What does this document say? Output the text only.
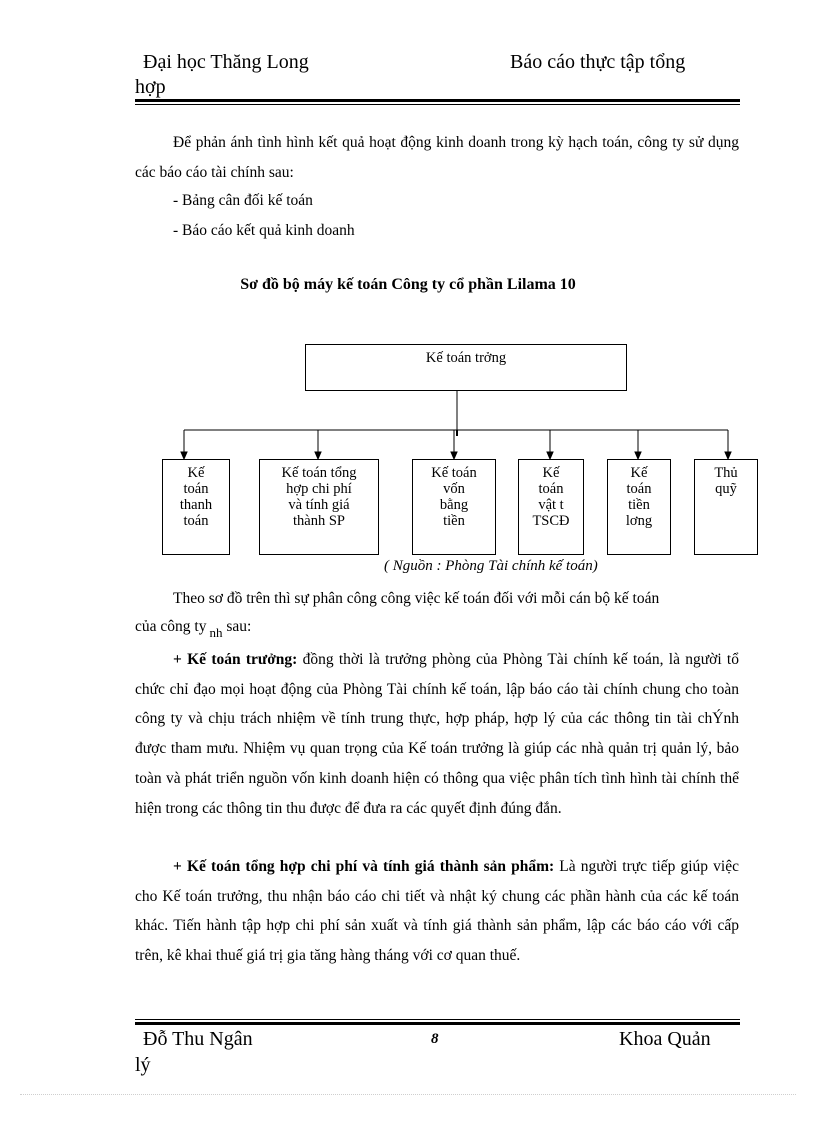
Đại học Thăng Long	Báo cáo thực tập tổng
hợp
Để phản ánh tình hình kết quả hoạt động kinh doanh trong kỳ hạch toán, công ty sử dụng các báo cáo tài chính sau:
- Bảng cân đối kế toán
- Báo cáo kết quả kinh doanh
Sơ đồ bộ máy kế toán Công ty cổ phần Lilama 10
Kế toán trởng
Kế
toán
thanh
toán
Kế toán tổng
hợp chi phí
và tính giá
thành SP
Kế toán
vốn
bằng
tiền
Kế
toán
vật t
TSCĐ
Kế
toán
tiền
lơng
Thủ
quỹ
( Nguồn : Phòng Tài chính kế toán)
Theo sơ đồ trên thì sự phân công công việc kế toán đối với mỗi cán bộ kế toán
của công ty $_{nh}$ sau:
+ Kế toán trưởng: đồng thời là trưởng phòng của Phòng Tài chính kế toán, là người tổ chức chỉ đạo mọi hoạt động của Phòng Tài chính kế toán, lập báo cáo tài chính chung cho toàn công ty và chịu trách nhiệm về tính trung thực, hợp pháp, hợp lý của các thông tin tài chÝnh được tham mưu. Nhiệm vụ quan trọng của Kế toán trưởng là giúp các nhà quản trị quản lý, bảo toàn và phát triển nguồn vốn kinh doanh hiện có thông qua việc phân tích tình hình tài chính thể hiện trong các thông tin thu được để đưa ra các quyết định đúng đắn.
+ Kế toán tổng hợp chi phí và tính giá thành sản phẩm: Là người trực tiếp giúp việc cho Kế toán trưởng, thu nhận báo cáo chi tiết và nhật ký chung các phần hành của các kế toán khác. Tiến hành tập hợp chi phí sản xuất và tính giá thành sản phẩm, lập các báo cáo với cấp trên, kê khai thuế giá trị gia tăng hàng tháng với cơ quan thuế.
Đỗ Thu Ngân	8	Khoa Quản
lý
